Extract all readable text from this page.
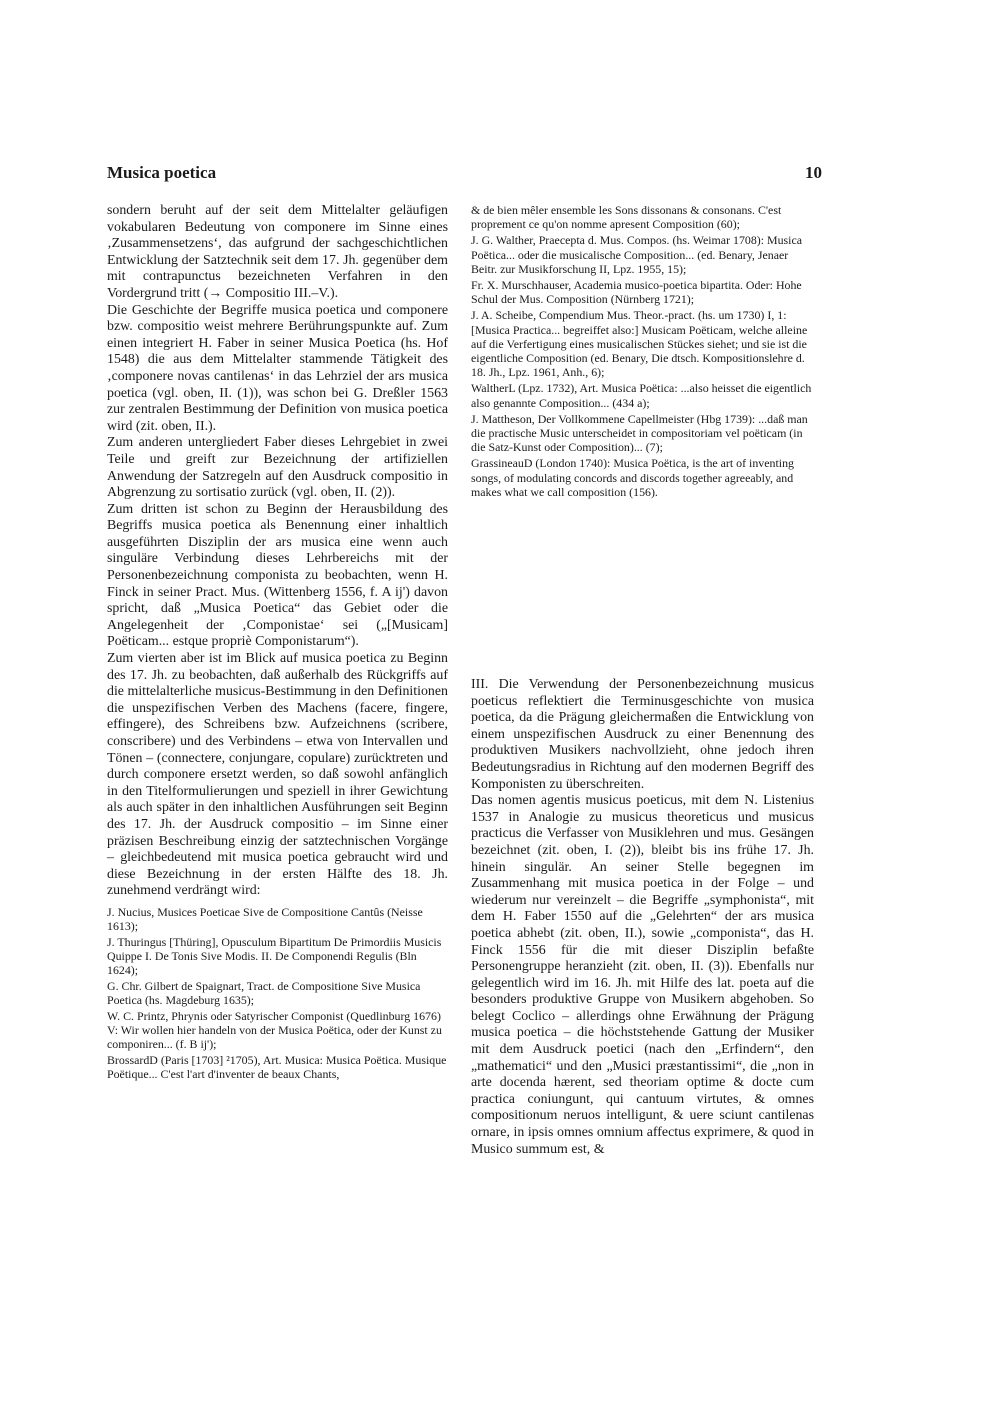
Musica poetica	10

sondern beruht auf der seit dem Mittelalter geläufigen vokabularen Bedeutung von componere im Sinne eines ‚Zusammensetzens‘, das aufgrund der sachgeschichtlichen Entwicklung der Satztechnik seit dem 17. Jh. gegenüber dem mit contrapunctus bezeichneten Verfahren in den Vordergrund tritt (→ Compositio III.–V.).

Die Geschichte der Begriffe musica poetica und componere bzw. compositio weist mehrere Berührungspunkte auf. Zum einen integriert H. Faber in seiner Musica Poetica (hs. Hof 1548) die aus dem Mittelalter stammende Tätigkeit des ‚componere novas cantilenas‘ in das Lehrziel der ars musica poetica (vgl. oben, II. (1)), was schon bei G. Dreßler 1563 zur zentralen Bestimmung der Definition von musica poetica wird (zit. oben, II.).

Zum anderen untergliedert Faber dieses Lehrgebiet in zwei Teile und greift zur Bezeichnung der artifiziellen Anwendung der Satzregeln auf den Ausdruck compositio in Abgrenzung zu sortisatio zurück (vgl. oben, II. (2)).

Zum dritten ist schon zu Beginn der Herausbildung des Begriffs musica poetica als Benennung einer inhaltlich ausgeführten Disziplin der ars musica eine wenn auch singuläre Verbindung dieses Lehrbereichs mit der Personenbezeichnung componista zu beobachten, wenn H. Finck in seiner Pract. Mus. (Wittenberg 1556, f. A ij') davon spricht, daß „Musica Poetica“ das Gebiet oder die Angelegenheit der ‚Componistae‘ sei („[Musicam] Poëticam... estque propriè Componistarum“).

Zum vierten aber ist im Blick auf musica poetica zu Beginn des 17. Jh. zu beobachten, daß außerhalb des Rückgriffs auf die mittelalterliche musicus-Bestimmung in den Definitionen die unspezifischen Verben des Machens (facere, fingere, effingere), des Schreibens bzw. Aufzeichnens (scribere, conscribere) und des Verbindens – etwa von Intervallen und Tönen – (connectere, conjungare, copulare) zurücktreten und durch componere ersetzt werden, so daß sowohl anfänglich in den Titelformulierungen und speziell in ihrer Gewichtung als auch später in den inhaltlichen Ausführungen seit Beginn des 17. Jh. der Ausdruck compositio – im Sinne einer präzisen Beschreibung einzig der satztechnischen Vorgänge – gleichbedeutend mit musica poetica gebraucht wird und diese Bezeichnung in der ersten Hälfte des 18. Jh. zunehmend verdrängt wird:

J. Nucius, Musices Poeticae Sive de Compositione Cantûs (Neisse 1613);

J. Thuringus [Thüring], Opusculum Bipartitum De Primordiis Musicis Quippe I. De Tonis Sive Modis. II. De Componendi Regulis (Bln 1624);

G. Chr. Gilbert de Spaignart, Tract. de Compositione Sive Musica Poetica (hs. Magdeburg 1635);

W. C. Printz, Phrynis oder Satyrischer Componist (Quedlinburg 1676) V: Wir wollen hier handeln von der Musica Poëtica, oder der Kunst zu componiren... (f. B ij');

BrossardD (Paris [1703] ²1705), Art. Musica: Musica Poëtica. Musique Poëtique... C'est l'art d'inventer de beaux Chants,

& de bien mêler ensemble les Sons dissonans & consonans. C'est proprement ce qu'on nomme apresent Composition (60);

J. G. Walther, Praecepta d. Mus. Compos. (hs. Weimar 1708): Musica Poëtica... oder die musicalische Composition... (ed. Benary, Jenaer Beitr. zur Musikforschung II, Lpz. 1955, 15);

Fr. X. Murschhauser, Academia musico-poetica bipartita. Oder: Hohe Schul der Mus. Composition (Nürnberg 1721);

J. A. Scheibe, Compendium Mus. Theor.-pract. (hs. um 1730) I, 1: [Musica Practica... begreiffet also:] Musicam Poëticam, welche alleine auf die Verfertigung eines musicalischen Stückes siehet; und sie ist die eigentliche Composition (ed. Benary, Die dtsch. Kompositionslehre d. 18. Jh., Lpz. 1961, Anh., 6);

WaltherL (Lpz. 1732), Art. Musica Poëtica: ...also heisset die eigentlich also genannte Composition... (434 a);

J. Mattheson, Der Vollkommene Capellmeister (Hbg 1739): ...daß man die practische Music unterscheidet in compositoriam vel poëticam (in die Satz-Kunst oder Composition)... (7);

GrassineauD (London 1740): Musica Poëtica, is the art of inventing songs, of modulating concords and discords together agreeably, and makes what we call composition (156).

III. Die Verwendung der Personenbezeichnung musicus poeticus reflektiert die Terminusgeschichte von musica poetica, da die Prägung gleichermaßen die Entwicklung von einem unspezifischen Ausdruck zu einer Benennung des produktiven Musikers nachvollzieht, ohne jedoch ihren Bedeutungsradius in Richtung auf den modernen Begriff des Komponisten zu überschreiten.

Das nomen agentis musicus poeticus, mit dem N. Listenius 1537 in Analogie zu musicus theoreticus und musicus practicus die Verfasser von Musiklehren und mus. Gesängen bezeichnet (zit. oben, I. (2)), bleibt bis ins frühe 17. Jh. hinein singulär. An seiner Stelle begegnen im Zusammenhang mit musica poetica in der Folge – und wiederum nur vereinzelt – die Begriffe „symphonista“, mit dem H. Faber 1550 auf die „Gelehrten“ der ars musica poetica abhebt (zit. oben, II.), sowie „componista“, das H. Finck 1556 für die mit dieser Disziplin befaßte Personengruppe heranzieht (zit. oben, II. (3)). Ebenfalls nur gelegentlich wird im 16. Jh. mit Hilfe des lat. poeta auf die besonders produktive Gruppe von Musikern abgehoben. So belegt Coclico – allerdings ohne Erwähnung der Prägung musica poetica – die höchststehende Gattung der Musiker mit dem Ausdruck poetici (nach den „Erfindern“, den „mathematici“ und den „Musici præstantissimi“, die „non in arte docenda hærent, sed theoriam optime & docte cum practica coniungunt, qui cantuum virtutes, & omnes compositionum neruos intelligunt, & uere sciunt cantilenas ornare, in ipsis omnes omnium affectus exprimere, & quod in Musico summum est, &
